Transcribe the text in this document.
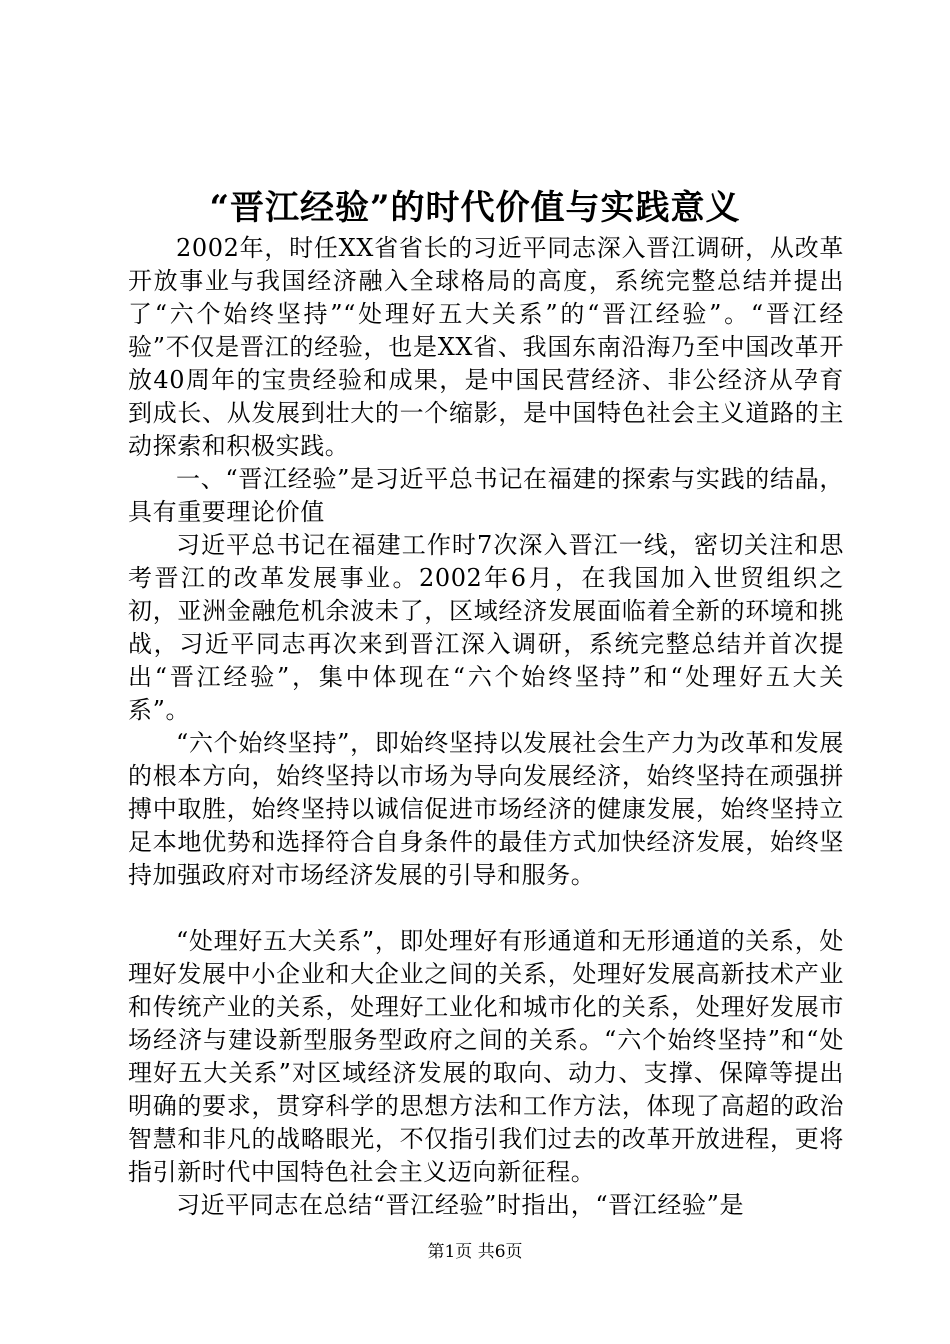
“晋江经验”的时代价值与实践意义

2002年，时任XX省省长的习近平同志深入晋江调研，从改革开放事业与我国经济融入全球格局的高度，系统完整总结并提出了“六个始终坚持”“处理好五大关系”的“晋江经验”。“晋江经验”不仅是晋江的经验，也是XX省、我国东南沿海乃至中国改革开放40周年的宝贵经验和成果，是中国民营经济、非公经济从孕育到成长、从发展到壮大的一个缩影，是中国特色社会主义道路的主动探索和积极实践。

一、“晋江经验”是习近平总书记在福建的探索与实践的结晶，具有重要理论价值

习近平总书记在福建工作时7次深入晋江一线，密切关注和思考晋江的改革发展事业。2002年6月，在我国加入世贸组织之初，亚洲金融危机余波未了，区域经济发展面临着全新的环境和挑战，习近平同志再次来到晋江深入调研，系统完整总结并首次提出“晋江经验”，集中体现在“六个始终坚持”和“处理好五大关系”。

“六个始终坚持”，即始终坚持以发展社会生产力为改革和发展的根本方向，始终坚持以市场为导向发展经济，始终坚持在顽强拼搏中取胜，始终坚持以诚信促进市场经济的健康发展，始终坚持立足本地优势和选择符合自身条件的最佳方式加快经济发展，始终坚持加强政府对市场经济发展的引导和服务。

“处理好五大关系”，即处理好有形通道和无形通道的关系，处理好发展中小企业和大企业之间的关系，处理好发展高新技术产业和传统产业的关系，处理好工业化和城市化的关系，处理好发展市场经济与建设新型服务型政府之间的关系。“六个始终坚持”和“处理好五大关系”对区域经济发展的取向、动力、支撑、保障等提出明确的要求，贯穿科学的思想方法和工作方法，体现了高超的政治智慧和非凡的战略眼光，不仅指引我们过去的改革开放进程，更将指引新时代中国特色社会主义迈向新征程。

习近平同志在总结“晋江经验”时指出，“晋江经验”是

第1页 共6页
